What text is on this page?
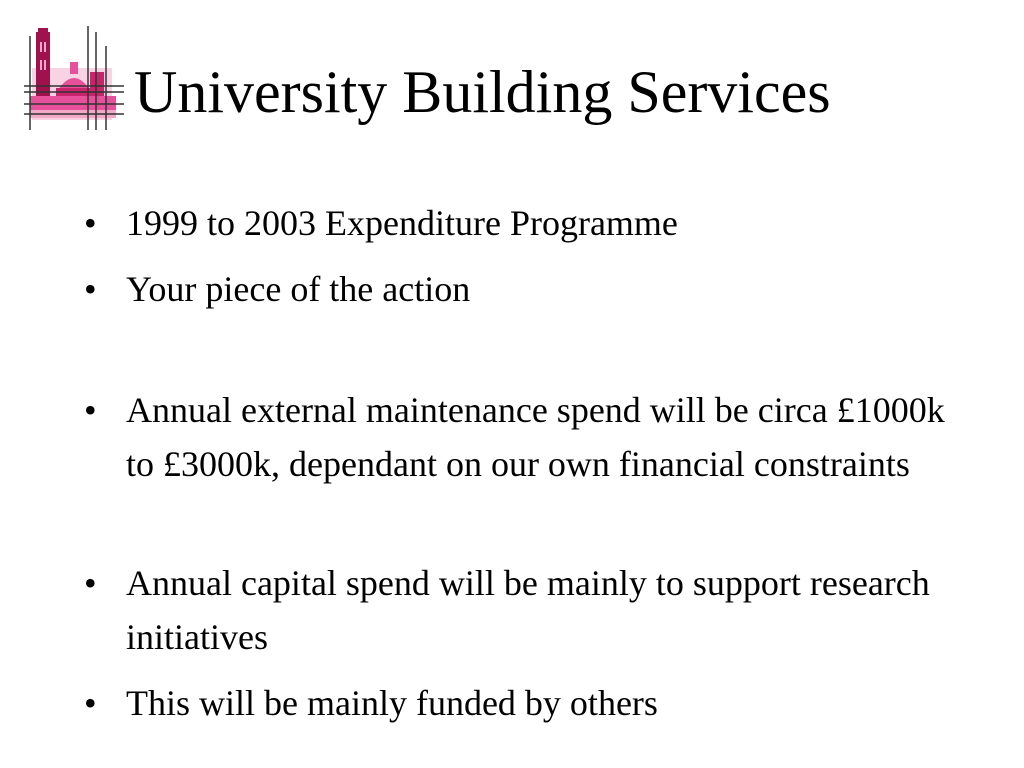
University Building Services
• 1999 to 2003 Expenditure Programme
• Your piece of the action
• Annual external maintenance spend will be circa £1000k to £3000k, dependant on our own financial constraints
• Annual capital spend will be mainly to support research initiatives
• This will be mainly funded by others
